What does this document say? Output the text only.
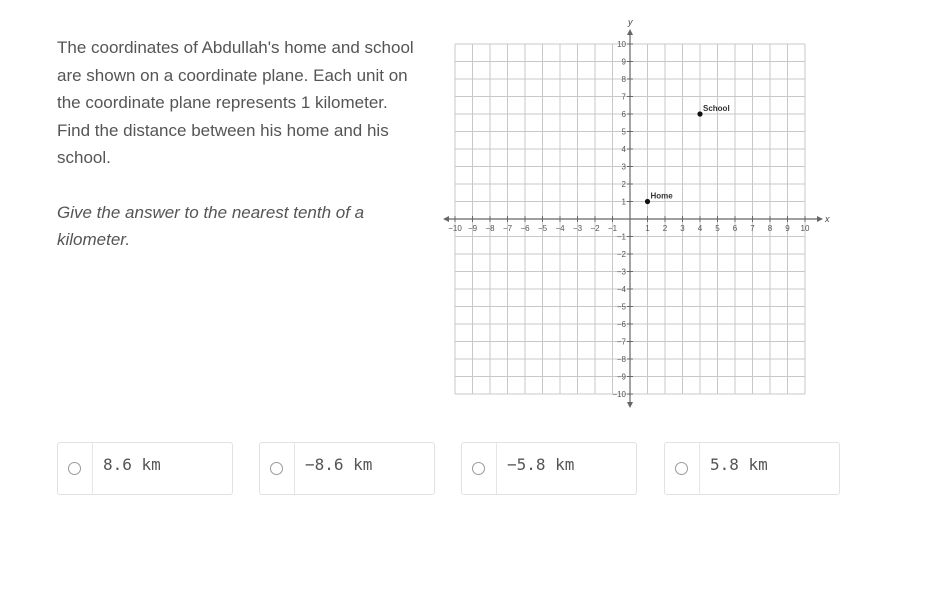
The coordinates of Abdullah's home and school
are shown on a coordinate plane. Each unit on
the coordinate plane represents 1 kilometer.
Find the distance between his home and his
school.

Give the answer to the nearest tenth of a
kilometer.

x
y
−10 −9 −8 −7 −6 −5 −4 −3 −2 −1	1 2 3 4 5 6 7 8 9 10
10
9
8
7
6
5
4
3
2
1
−1
−2
−3
−4
−5
−6
−7
−8
−9
−10
Home
School
8.6 km	−8.6 km	−5.8 km	5.8 km
